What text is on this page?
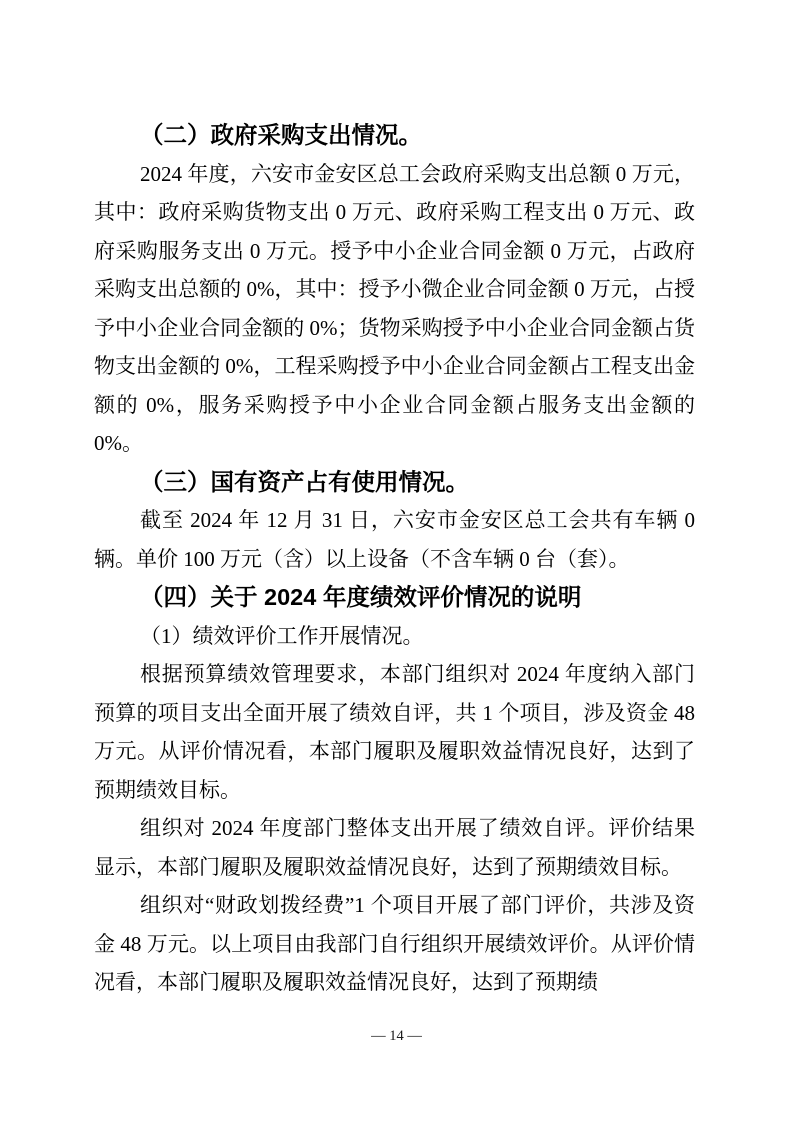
（二）政府采购支出情况。
2024 年度，六安市金安区总工会政府采购支出总额 0 万元，其中：政府采购货物支出 0 万元、政府采购工程支出 0 万元、政府采购服务支出 0 万元。授予中小企业合同金额 0 万元，占政府采购支出总额的 0%，其中：授予小微企业合同金额 0 万元，占授予中小企业合同金额的 0%；货物采购授予中小企业合同金额占货物支出金额的 0%，工程采购授予中小企业合同金额占工程支出金额的 0%，服务采购授予中小企业合同金额占服务支出金额的 0%。
（三）国有资产占有使用情况。
截至 2024 年 12 月 31 日，六安市金安区总工会共有车辆 0 辆。单价 100 万元（含）以上设备（不含车辆 0 台（套）。
（四）关于 2024 年度绩效评价情况的说明
（1）绩效评价工作开展情况。
根据预算绩效管理要求，本部门组织对 2024 年度纳入部门预算的项目支出全面开展了绩效自评，共 1 个项目，涉及资金 48 万元。从评价情况看，本部门履职及履职效益情况良好，达到了预期绩效目标。
组织对 2024 年度部门整体支出开展了绩效自评。评价结果显示，本部门履职及履职效益情况良好，达到了预期绩效目标。
组织对“财政划拨经费”1 个项目开展了部门评价，共涉及资金 48 万元。以上项目由我部门自行组织开展绩效评价。从评价情况看，本部门履职及履职效益情况良好，达到了预期绩
— 14 —
